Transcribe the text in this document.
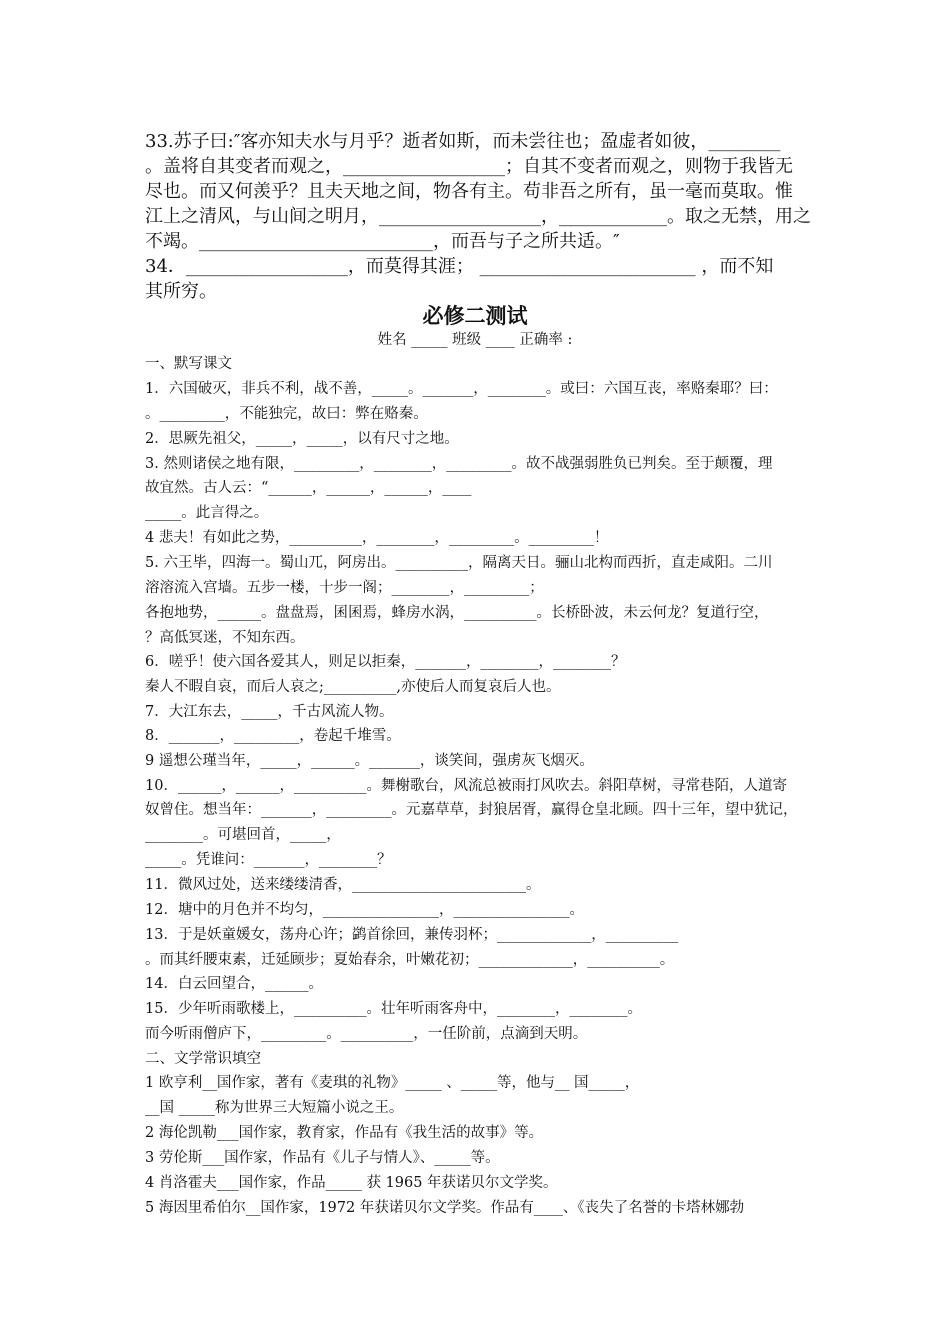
33.苏子曰:″客亦知夫水与月乎？逝者如斯，而未尝往也；盈虚者如彼，________
。盖将自其变者而观之，__________________；自其不变者而观之，则物于我皆无
尽也。而又何羡乎？且夫天地之间，物各有主。苟非吾之所有，虽一毫而莫取。惟
江上之清风，与山间之明月，__________________，____________。取之无禁，用之
不竭。__________________________，而吾与子之所共适。″
34．__________________，而莫得其涯； ________________________ ，而不知
其所穷。
必修二测试
姓名 _____ 班级 ____ 正确率 :
一、默写课文
1．六国破灭，非兵不利，战不善，_____。_______，________。或曰：六国互丧，率赂秦耶？曰：
。_________，不能独完，故曰：弊在赂秦。
2．思厥先祖父，_____，_____，以有尺寸之地。
3. 然则诸侯之地有限，_________，________，_________。故不战强弱胜负已判矣。至于颠覆，理
故宜然。古人云：“______，______，______，____
_____。此言得之。
4 悲夫！有如此之势，__________，________，_________。_________！
5. 六王毕，四海一。蜀山兀，阿房出。__________，隔离天日。骊山北构而西折，直走咸阳。二川
溶溶流入宫墙。五步一楼，十步一阁；________，_________；
各抱地势，______。盘盘焉，囷囷焉，蜂房水涡，__________。长桥卧波，未云何龙？复道行空，
？高低冥迷，不知东西。
6．嗟乎！使六国各爱其人，则足以拒秦，_______，________，________？
秦人不暇自哀，而后人哀之;__________,亦使后人而复哀后人也。
7．大江东去，_____，千古风流人物。
8．_______，_________，卷起千堆雪。
9 遥想公瑾当年，_____，______。_______，谈笑间，强虏灰飞烟灭。
10．______，______，__________。舞榭歌台，风流总被雨打风吹去。斜阳草树，寻常巷陌，人道寄
奴曾住。想当年：_______，_________。元嘉草草，封狼居胥，赢得仓皇北顾。四十三年，望中犹记，
________。可堪回首，_____，
_____。凭谁问：_______，________？
11．微风过处，送来缕缕清香，________________________。
12．塘中的月色并不均匀，________________，________________。
13．于是妖童媛女，荡舟心许；鹢首徐回，兼传羽杯；_____________，__________
。而其纤腰束素，迁延顾步；夏始春余，叶嫩花初；_____________，__________。
14．白云回望合，______。
15．少年听雨歌楼上，__________。壮年听雨客舟中，________，________。
而今听雨僧庐下，_________。__________，一任阶前，点滴到天明。
二、文学常识填空
1 欧亨利__国作家，著有《麦琪的礼物》_____ 、_____等，他与__ 国_____，
__国 _____称为世界三大短篇小说之王。
2 海伦凯勒___国作家，教育家，作品有《我生活的故事》等。
3 劳伦斯___国作家，作品有《儿子与情人》、_____等。
4 肖洛霍夫___国作家，作品_____ 获 1965 年获诺贝尔文学奖。
5 海因里希伯尔__国作家，1972 年获诺贝尔文学奖。作品有____、《丧失了名誉的卡塔林娜勃
